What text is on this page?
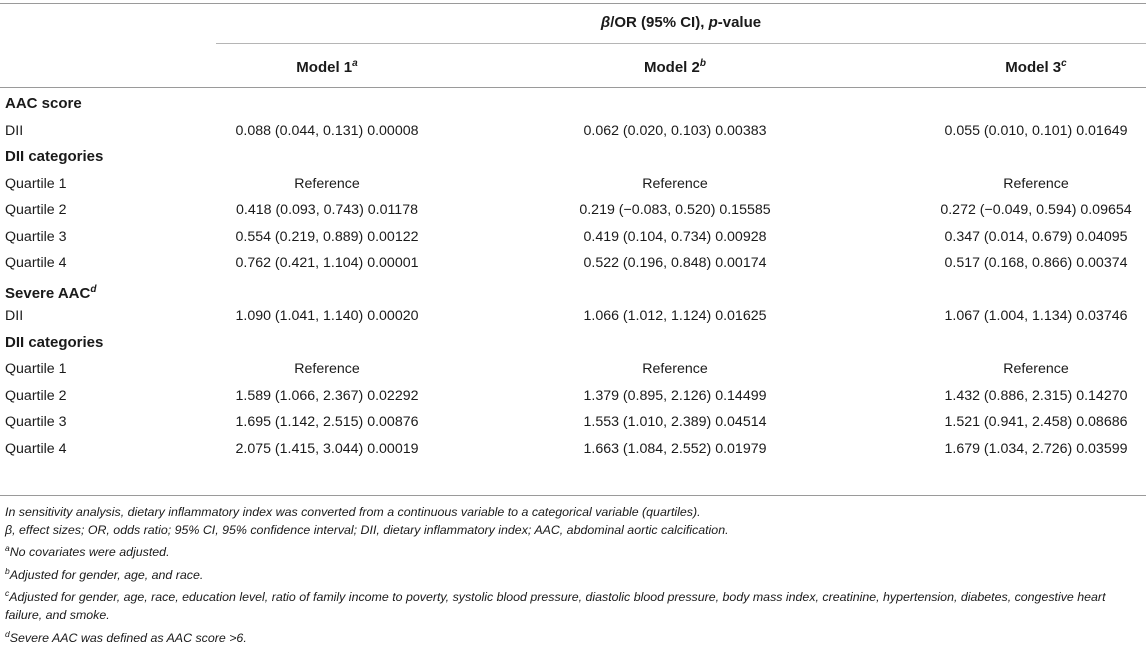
β/OR (95% CI), p-value
Model 1$^a$	Model 2$^b$	Model 3$^c$
AAC score
DII	0.088 (0.044, 0.131) 0.00008	0.062 (0.020, 0.103) 0.00383	0.055 (0.010, 0.101) 0.01649
DII categories
Quartile 1	Reference	Reference	Reference
Quartile 2	0.418 (0.093, 0.743) 0.01178	0.219 (−0.083, 0.520) 0.15585	0.272 (−0.049, 0.594) 0.09654
Quartile 3	0.554 (0.219, 0.889) 0.00122	0.419 (0.104, 0.734) 0.00928	0.347 (0.014, 0.679) 0.04095
Quartile 4	0.762 (0.421, 1.104) 0.00001	0.522 (0.196, 0.848) 0.00174	0.517 (0.168, 0.866) 0.00374
Severe AAC$^d$
DII	1.090 (1.041, 1.140) 0.00020	1.066 (1.012, 1.124) 0.01625	1.067 (1.004, 1.134) 0.03746
DII categories
Quartile 1	Reference	Reference	Reference
Quartile 2	1.589 (1.066, 2.367) 0.02292	1.379 (0.895, 2.126) 0.14499	1.432 (0.886, 2.315) 0.14270
Quartile 3	1.695 (1.142, 2.515) 0.00876	1.553 (1.010, 2.389) 0.04514	1.521 (0.941, 2.458) 0.08686
Quartile 4	2.075 (1.415, 3.044) 0.00019	1.663 (1.084, 2.552) 0.01979	1.679 (1.034, 2.726) 0.03599

In sensitivity analysis, dietary inflammatory index was converted from a continuous variable to a categorical variable (quartiles).

β, effect sizes; OR, odds ratio; 95% CI, 95% confidence interval; DII, dietary inflammatory index; AAC, abdominal aortic calcification.

$^a$No covariates were adjusted.

$^b$Adjusted for gender, age, and race.

$^c$Adjusted for gender, age, race, education level, ratio of family income to poverty, systolic blood pressure, diastolic blood pressure, body mass index, creatinine, hypertension, diabetes, congestive heart failure, and smoke.

$^d$Severe AAC was defined as AAC score >6.
